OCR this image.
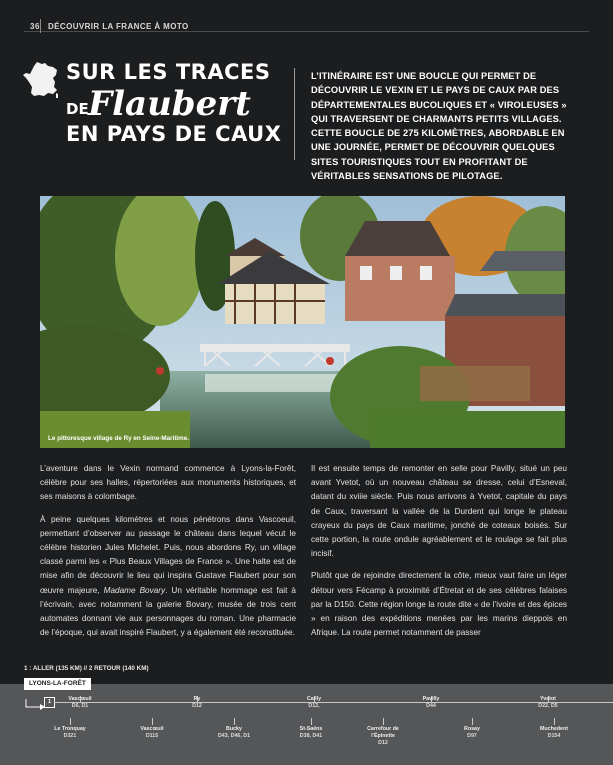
36 DÉCOUVRIR LA FRANCE À MOTO
SUR LES TRACES
DE Flaubert
EN PAYS DE CAUX
L’ITINÉRAIRE EST UNE BOUCLE QUI PERMET DE DÉCOUVRIR LE VEXIN ET LE PAYS DE CAUX PAR DES DÉPARTEMENTALES BUCOLIQUES ET « VIROLEUSES » QUI TRAVERSENT DE CHARMANTS PETITS VILLAGES. CETTE BOUCLE DE 275 KILOMÈTRES, ABORDABLE EN UNE JOURNÉE, PERMET DE DÉCOUVRIR QUELQUES SITES TOURISTIQUES TOUT EN PROFITANT DE VÉRITABLES SENSATIONS DE PILOTAGE.
Le pittoresque village de Ry en Seine-Maritime.

L’aventure dans le Vexin normand commence à Lyons-la-Forêt, célèbre pour ses halles, répertoriées aux monuments historiques, et ses maisons à colombage.

À peine quelques kilomètres et nous pénétrons dans Vascoeuil, permettant d’observer au passage le château dans lequel vécut le célèbre historien Jules Michelet. Puis, nous abordons Ry, un village classé parmi les « Plus Beaux Villages de France ». Une halte est de mise afin de découvrir le lieu qui inspira Gustave Flaubert pour son œuvre majeure, Madame Bovary. Un véritable hommage est fait à l’écrivain, avec notamment la galerie Bovary, musée de trois cent automates donnant vie aux personnages du roman. Une pharmacie de l’époque, qui avait inspiré Flaubert, y a également été reconstituée.

Il est ensuite temps de remonter en selle pour Pavilly, situé un peu avant Yvetot, où un nouveau château se dresse, celui d’Esneval, datant du xviiie siècle. Puis nous arrivons à Yvetot, capitale du pays de Caux, traversant la vallée de la Durdent qui longe le plateau crayeux du pays de Caux maritime, jonché de coteaux boisés. Sur cette portion, la route ondule agréablement et le roulage se fait plus incisif.

Plutôt que de rejoindre directement la côte, mieux vaut faire un léger détour vers Fécamp à proximité d’Étretat et de ses célèbres falaises par la D150. Cette région longe la route dite « de l’ivoire et des épices » en raison des expéditions menées par les marins dieppois en Afrique. La route permet notamment de passer

1 : ALLER (135 KM) // 2 RETOUR (140 KM)
LYONS-LA-FORÊT
1	Vascœuil
D6, D1
Ry
D12
Cailly
D12,
Pavilly
D44
Yvetot
D22, D5
Le Tronquay
D321
Vascœuil
D115
Bucky
D43, D46, D1
St-Saëns
D38, D41
Carrefour de l’Épinette
D12
Rosay
D97
Muchedent
D154
